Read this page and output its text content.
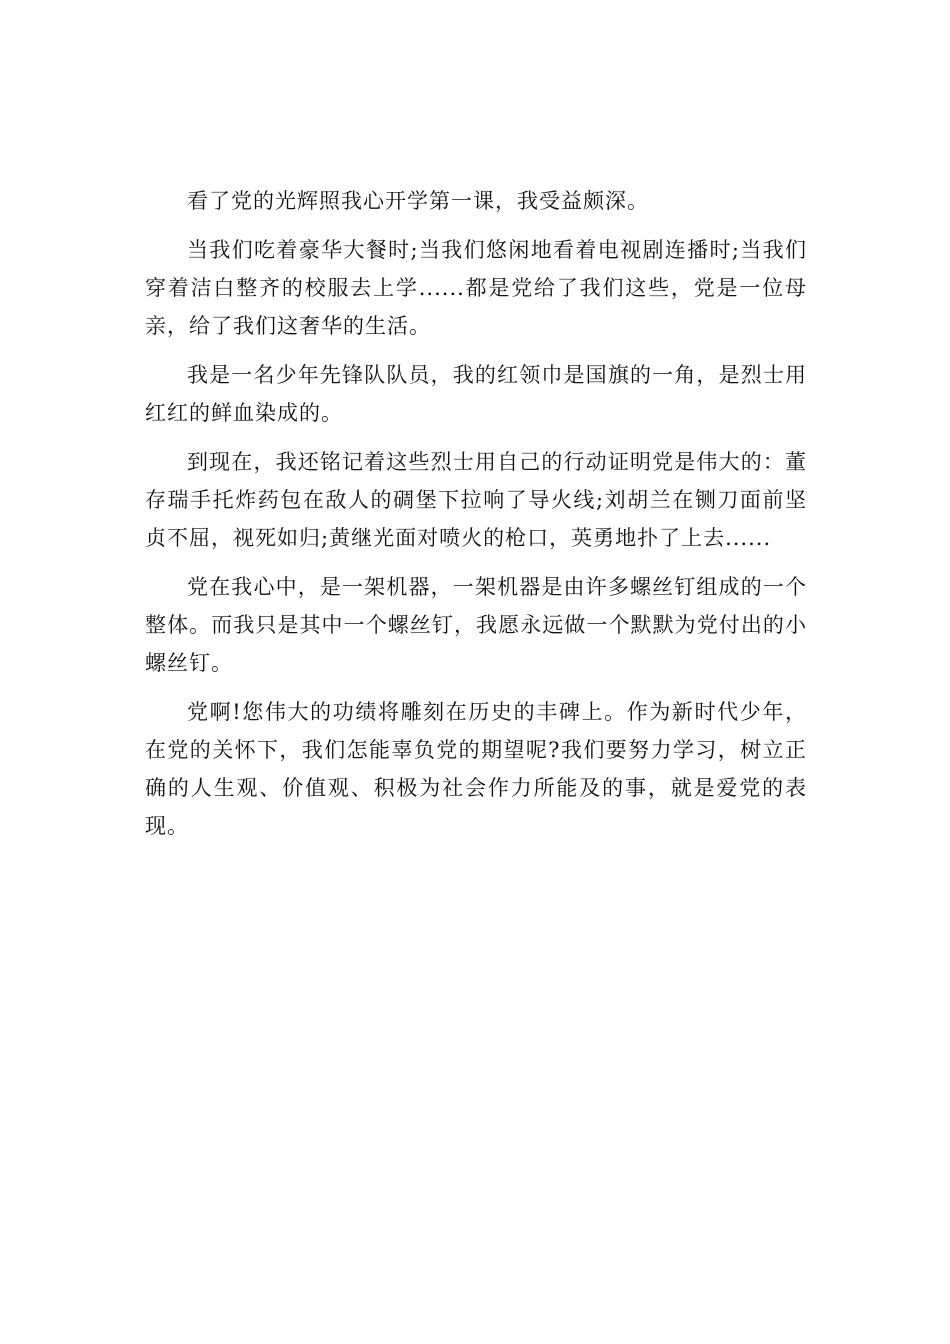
看了党的光辉照我心开学第一课，我受益颇深。

当我们吃着豪华大餐时;当我们悠闲地看着电视剧连播时;当我们穿着洁白整齐的校服去上学......都是党给了我们这些，党是一位母亲，给了我们这奢华的生活。

我是一名少年先锋队队员，我的红领巾是国旗的一角，是烈士用红红的鲜血染成的。

到现在，我还铭记着这些烈士用自己的行动证明党是伟大的：董存瑞手托炸药包在敌人的碉堡下拉响了导火线;刘胡兰在铡刀面前坚贞不屈，视死如归;黄继光面对喷火的枪口，英勇地扑了上去......

党在我心中，是一架机器，一架机器是由许多螺丝钉组成的一个整体。而我只是其中一个螺丝钉，我愿永远做一个默默为党付出的小螺丝钉。

党啊!您伟大的功绩将雕刻在历史的丰碑上。作为新时代少年，在党的关怀下，我们怎能辜负党的期望呢?我们要努力学习，树立正确的人生观、价值观、积极为社会作力所能及的事，就是爱党的表现。
